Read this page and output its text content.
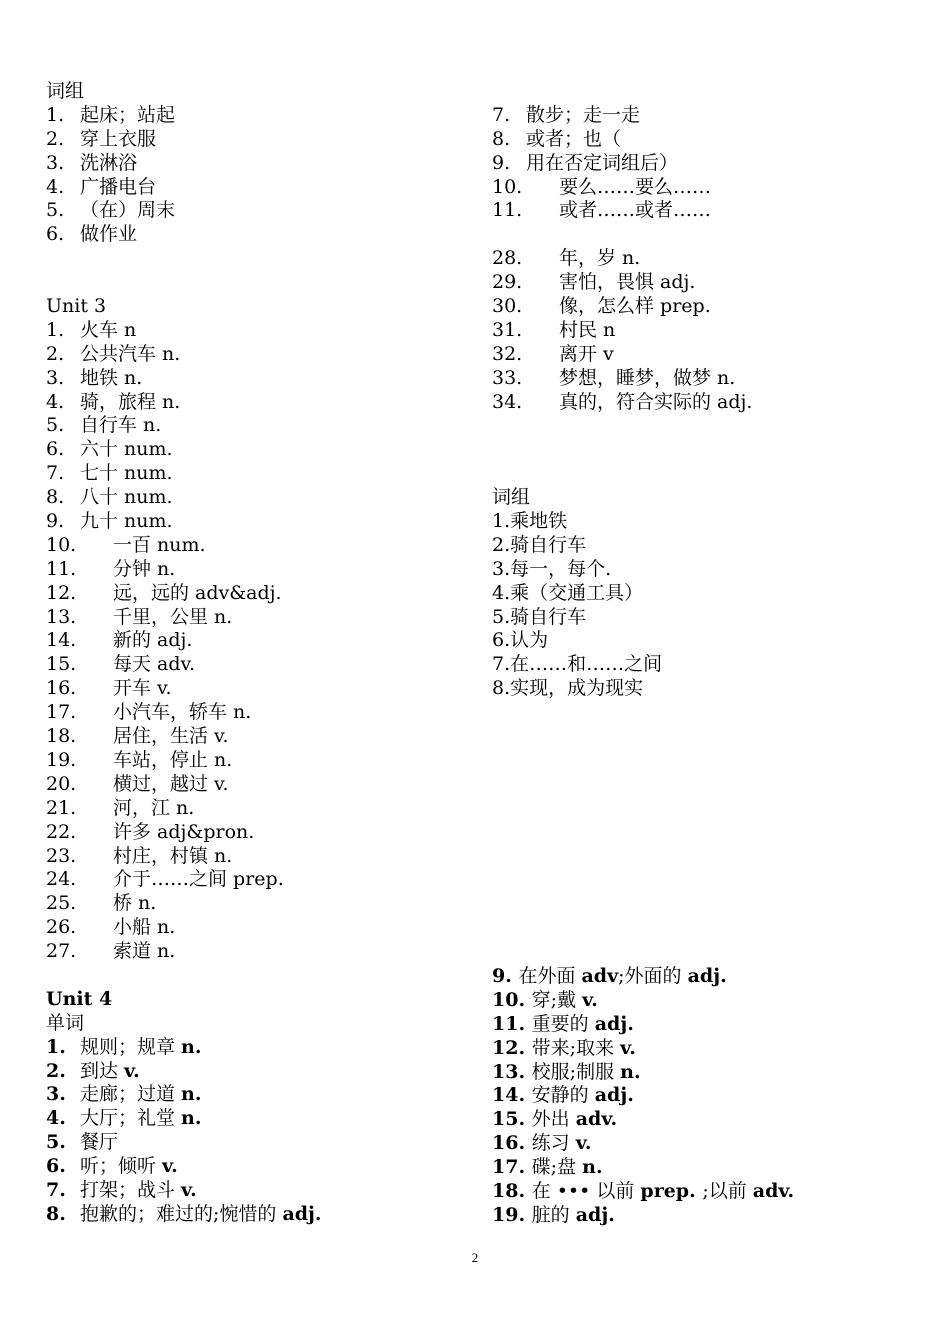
词组
1. 起床；站起
2. 穿上衣服
3. 洗淋浴
4. 广播电台
5. （在）周末
6. 做作业
Unit 3
1. 火车 n
2. 公共汽车 n.
3. 地铁 n.
4. 骑，旅程 n.
5. 自行车 n.
6. 六十 num.
7. 七十 num.
8. 八十 num.
9. 九十 num.
10. 一百 num.
11. 分钟 n.
12. 远，远的 adv&adj.
13. 千里，公里 n.
14. 新的 adj.
15. 每天 adv.
16. 开车 v.
17. 小汽车，轿车 n.
18. 居住，生活 v.
19. 车站，停止 n.
20. 横过，越过 v.
21. 河，江 n.
22. 许多 adj&pron.
23. 村庄，村镇 n.
24. 介于……之间 prep.
25. 桥 n.
26. 小船 n.
27. 索道 n.
Unit 4
单词
1. 规则；规章 n.
2. 到达 v.
3. 走廊；过道 n.
4. 大厅；礼堂 n.
5. 餐厅
6. 听；倾听 v.
7. 打架；战斗 v.
8. 抱歉的；难过的;惋惜的 adj.
7. 散步；走一走
8. 或者；也（
9. 用在否定词组后）
10. 要么……要么……
11. 或者……或者……
28. 年，岁 n.
29. 害怕，畏惧 adj.
30. 像，怎么样 prep.
31. 村民 n
32. 离开 v
33. 梦想，睡梦，做梦 n.
34. 真的，符合实际的 adj.
词组
1.乘地铁
2.骑自行车
3.每一，每个.
4.乘（交通工具）
5.骑自行车
6.认为
7.在……和……之间
8.实现，成为现实
9. 在外面 adv;外面的 adj.
10. 穿;戴 v.
11. 重要的 adj.
12. 带来;取来 v.
13. 校服;制服 n.
14. 安静的 adj.
15. 外出 adv.
16. 练习 v.
17. 碟;盘 n.
18. 在 ••• 以前 prep. ;以前 adv.
19. 脏的 adj.
2
